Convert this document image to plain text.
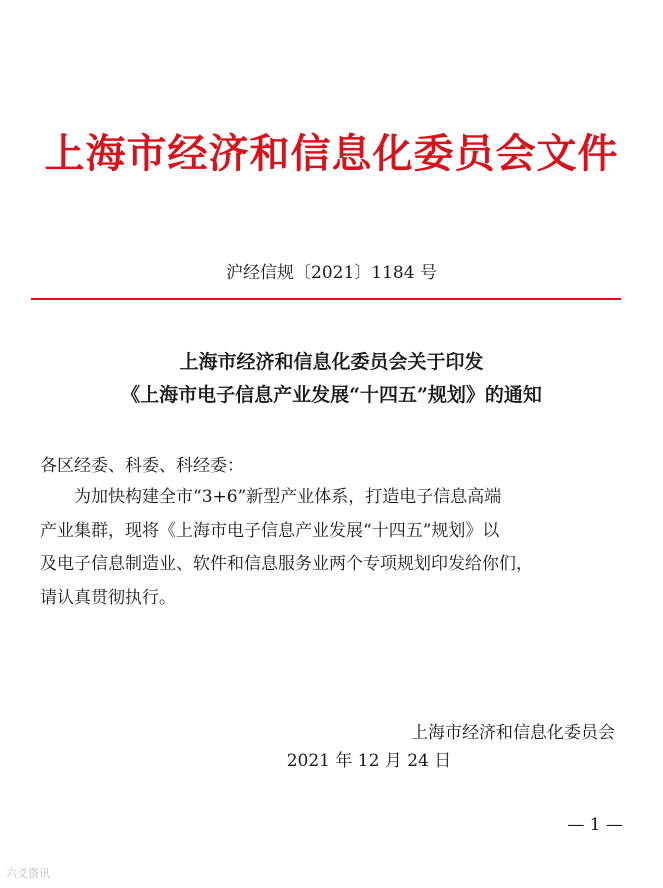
上海市经济和信息化委员会文件
沪经信规〔2021〕1184 号
上海市经济和信息化委员会关于印发
《上海市电子信息产业发展“十四五”规划》的通知
各区经委、科委、科经委：
为加快构建全市“3+6”新型产业体系，打造电子信息高端
产业集群，现将《上海市电子信息产业发展“十四五”规划》以
及电子信息制造业、软件和信息服务业两个专项规划印发给你们，
请认真贯彻执行。
上海市经济和信息化委员会
2021 年 12 月 24 日
— 1 —
六爻资讯
